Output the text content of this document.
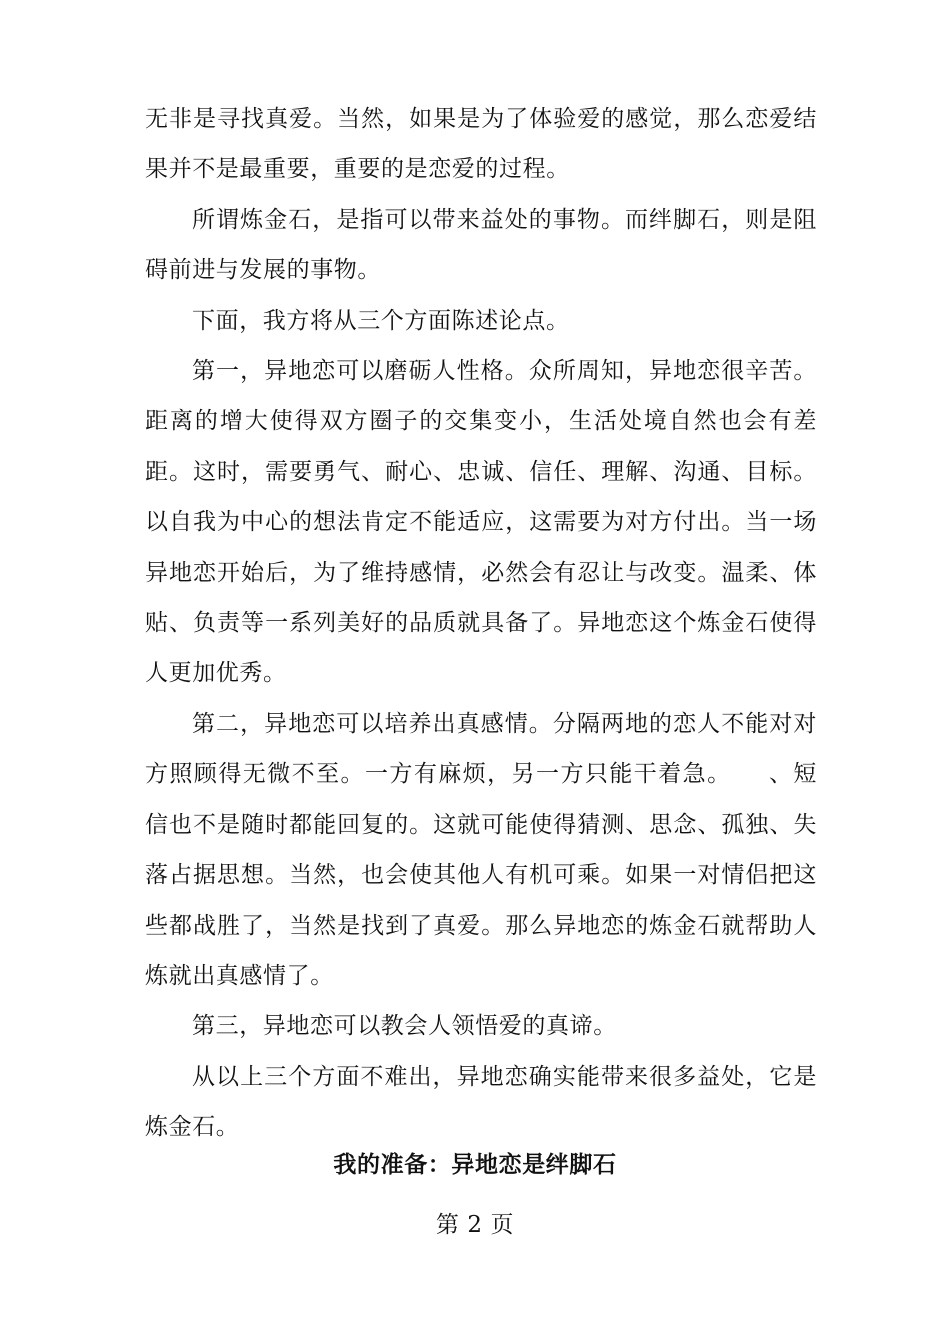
无非是寻找真爱。当然，如果是为了体验爱的感觉，那么恋爱结果并不是最重要，重要的是恋爱的过程。

所谓炼金石，是指可以带来益处的事物。而绊脚石，则是阻碍前进与发展的事物。

下面，我方将从三个方面陈述论点。

第一，异地恋可以磨砺人性格。众所周知，异地恋很辛苦。距离的增大使得双方圈子的交集变小，生活处境自然也会有差距。这时，需要勇气、耐心、忠诚、信任、理解、沟通、目标。以自我为中心的想法肯定不能适应，这需要为对方付出。当一场异地恋开始后，为了维持感情，必然会有忍让与改变。温柔、体贴、负责等一系列美好的品质就具备了。异地恋这个炼金石使得人更加优秀。

第二，异地恋可以培养出真感情。分隔两地的恋人不能对对方照顾得无微不至。一方有麻烦，另一方只能干着急。　　、短信也不是随时都能回复的。这就可能使得猜测、思念、孤独、失落占据思想。当然，也会使其他人有机可乘。如果一对情侣把这些都战胜了，当然是找到了真爱。那么异地恋的炼金石就帮助人炼就出真感情了。

第三，异地恋可以教会人领悟爱的真谛。

从以上三个方面不难出，异地恋确实能带来很多益处，它是炼金石。

我的准备：异地恋是绊脚石
第 2 页
